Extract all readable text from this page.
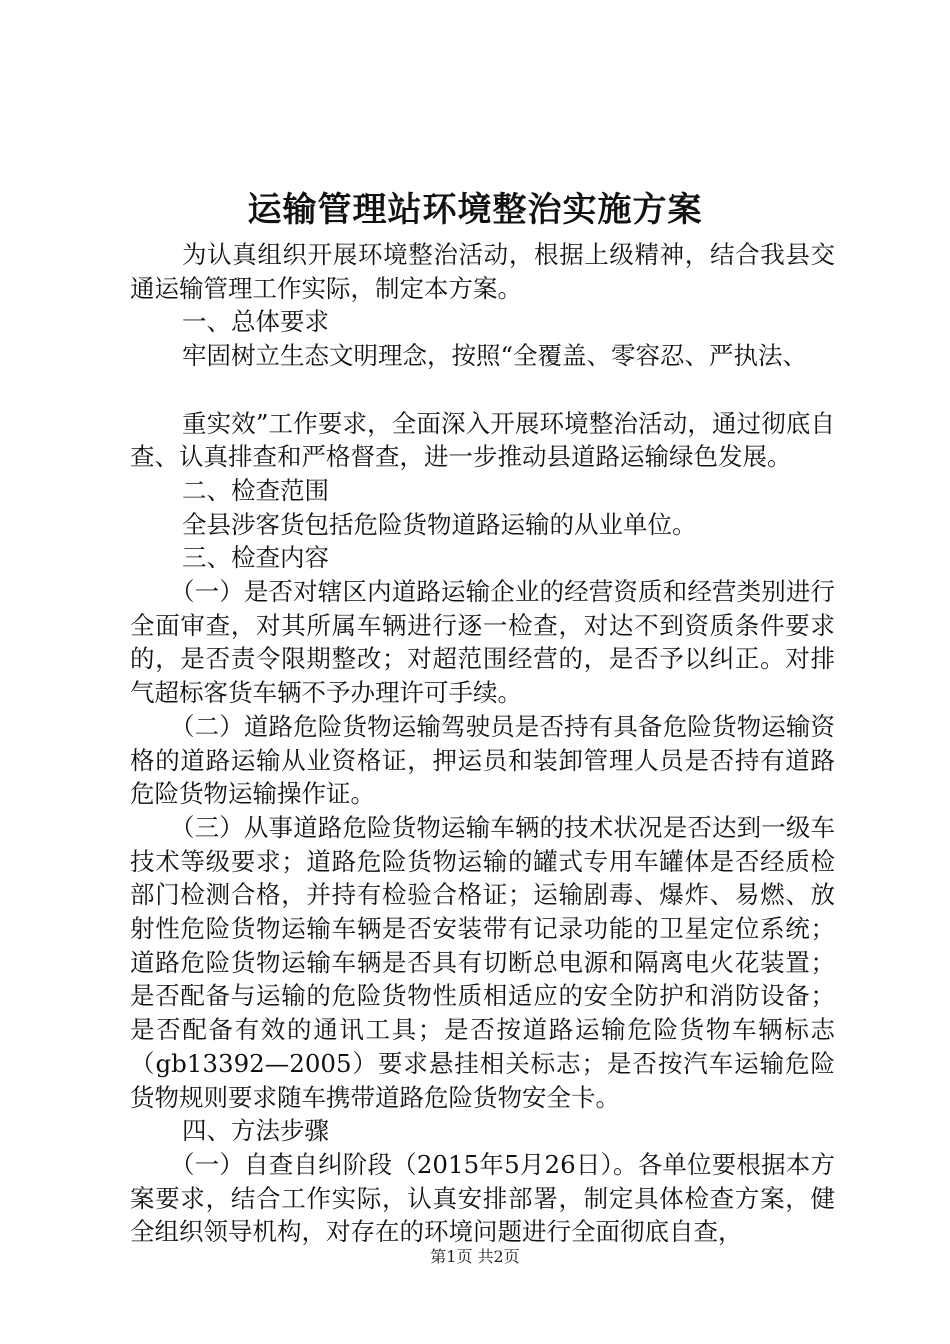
运输管理站环境整治实施方案

为认真组织开展环境整治活动，根据上级精神，结合我县交通运输管理工作实际，制定本方案。

一、总体要求

牢固树立生态文明理念，按照“全覆盖、零容忍、严执法、

重实效”工作要求，全面深入开展环境整治活动，通过彻底自查、认真排查和严格督查，进一步推动县道路运输绿色发展。

二、检查范围

全县涉客货包括危险货物道路运输的从业单位。

三、检查内容

（一）是否对辖区内道路运输企业的经营资质和经营类别进行全面审查，对其所属车辆进行逐一检查，对达不到资质条件要求的，是否责令限期整改；对超范围经营的，是否予以纠正。对排气超标客货车辆不予办理许可手续。

（二）道路危险货物运输驾驶员是否持有具备危险货物运输资格的道路运输从业资格证，押运员和装卸管理人员是否持有道路危险货物运输操作证。

（三）从事道路危险货物运输车辆的技术状况是否达到一级车技术等级要求；道路危险货物运输的罐式专用车罐体是否经质检部门检测合格，并持有检验合格证；运输剧毒、爆炸、易燃、放射性危险货物运输车辆是否安装带有记录功能的卫星定位系统；道路危险货物运输车辆是否具有切断总电源和隔离电火花装置；是否配备与运输的危险货物性质相适应的安全防护和消防设备；是否配备有效的通讯工具；是否按道路运输危险货物车辆标志（gb13392—2005）要求悬挂相关标志；是否按汽车运输危险货物规则要求随车携带道路危险货物安全卡。

四、方法步骤

（一）自查自纠阶段（2015年5月26日）。各单位要根据本方案要求，结合工作实际，认真安排部署，制定具体检查方案，健全组织领导机构，对存在的环境问题进行全面彻底自查，

第1页 共2页
